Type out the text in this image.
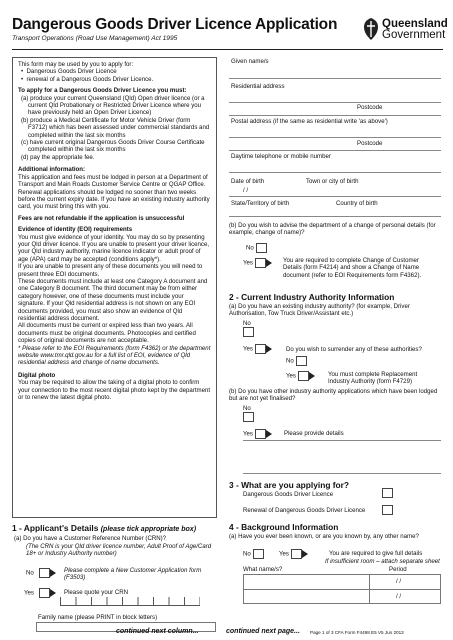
Dangerous Goods Driver Licence Application
Transport Operations (Road Use Management) Act 1995
Queensland
Government
This form may be used by you to apply for:
•  Dangerous Goods Driver Licence
•  renewal of a Dangerous Goods Driver Licence.
To apply for a Dangerous Goods Driver Licence you must:
(a) produce your current Queensland (Qld) Open driver licence (or a current Qld Probationary or Restricted Driver Licence where you have previously held an Open Driver Licence)
(b) produce a Medical Certificate for Motor Vehicle Driver (form F3712) which has been assessed under commercial standards and completed within the last six months
(c) have current original Dangerous Goods Driver Course Certificate completed within the last six months
(d) pay the appropriate fee.
Additional information:
This application and fees must be lodged in person at a Department of Transport and Main Roads Customer Service Centre or QGAP Office.
Renewal applications should be lodged no sooner than two weeks before the current expiry date. If you have an existing industry authority card, you must bring this with you.
Fees are not refundable if the application is unsuccessful
Evidence of identity (EOI) requirements
You must give evidence of your identity. You may do so by presenting your Qld driver licence. If you are unable to present your driver licence, your Qld industry authority, marine licence indicator or adult proof of age (APA) card may be accepted (conditions apply*).
If you are unable to present any of these documents you will need to present three EOI documents.
These documents must include at least one Category A document and one Category B document. The third document may be from either category however, one of these documents must include your signature. If your Qld residential address is not shown on any EOI documents provided, you must also show an evidence of Qld residential address document.
All documents must be current or expired less than two years. All documents must be original documents. Photocopies and certified copies of original documents are not acceptable.
* Please refer to the EOI Requirements (form F4362) or the department website www.tmr.qld.gov.au for a full list of EOI, evidence of Qld residential address and change of name documents.
Digital photo
You may be required to allow the taking of a digital photo to confirm your connection to the most recent digital photo kept by the department or to renew the latest digital photo.
1 - Applicant's Details (please tick appropriate box)
(a) Do you have a Customer Reference Number (CRN)?
(The CRN is your Qld driver licence number, Adult Proof of Age/Card 18+ or Industry Authority number)
No	Please complete a New Customer Application form (F3503)
Yes	Please quote your CRN
Family name (please PRINT in block letters)
continued next column...	continued next page... Page 1 of 3 CFA Form F4498 E5 V5 Jun 2013
Given name/s
Residential address
Postcode
Postal address (if the same as residential write 'as above')
Postcode
Daytime telephone or mobile number
Date of birth	Town or city of birth
/ /
State/Territory of birth	Country of birth
(b) Do you wish to advise the department of a change of personal details (for example, change of name)?
No
Yes	You are required to complete Change of Customer Details (form F4214) and show a Change of Name document (refer to EOI Requirements form F4362).
2 - Current Industry Authority Information
(a) Do you have an existing industry authority? (for example, Driver Authorisation, Tow Truck Driver/Assistant etc.)
No

Yes	Do you wish to surrender any of these authorities?
No
Yes	You must complete Replacement Industry Authority (form F4729)
(b) Do you have other industry authority applications which have been lodged but are not yet finalised?
No

Yes	Please provide details
3 - What are you applying for?
Dangerous Goods Driver Licence
Renewal of Dangerous Goods Driver Licence
4 - Background Information
(a) Have you ever been known, or are you known by, any other name?
No	Yes	You are required to give full details
If insufficient room – attach separate sheet
What name/s?	Period
/ /
/ /
